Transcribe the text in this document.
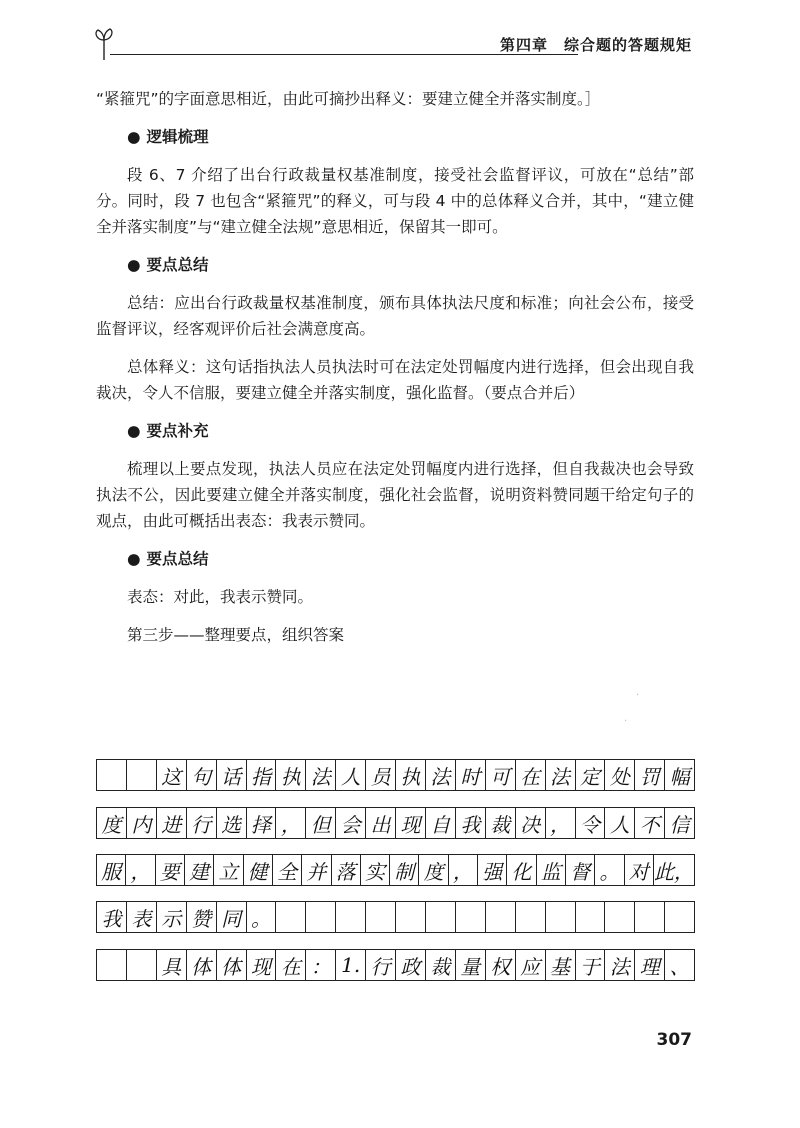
第四章　综合题的答题规矩

“紧箍咒”的字面意思相近，由此可摘抄出释义：要建立健全并落实制度。］

● 逻辑梳理

段 6、7 介绍了出台行政裁量权基准制度，接受社会监督评议，可放在“总结”部分。同时，段 7 也包含“紧箍咒”的释义，可与段 4 中的总体释义合并，其中，“建立健全并落实制度”与“建立健全法规”意思相近，保留其一即可。

● 要点总结

总结：应出台行政裁量权基准制度，颁布具体执法尺度和标准；向社会公布，接受监督评议，经客观评价后社会满意度高。

总体释义：这句话指执法人员执法时可在法定处罚幅度内进行选择，但会出现自我裁决，令人不信服，要建立健全并落实制度，强化监督。（要点合并后）

● 要点补充

梳理以上要点发现，执法人员应在法定处罚幅度内进行选择，但自我裁决也会导致执法不公，因此要建立健全并落实制度，强化社会监督，说明资料赞同题干给定句子的观点，由此可概括出表态：我表示赞同。

● 要点总结

表态：对此，我表示赞同。

第三步——整理要点，组织答案

这 句 话 指 执 法 人 员 执 法 时 可 在 法 定 处 罚 幅
度 内 进 行 选 择 ， 但 会 出 现 自 我 裁 决 ， 令 人 不 信
服 ， 要 建 立 健 全 并 落 实 制 度 ， 强 化 监 督 。 对 此，
我 表 示 赞 同 。
具 体 体 现 在 ： 1. 行 政 裁 量 权 应 基 于 法 理 、
307
·
·
